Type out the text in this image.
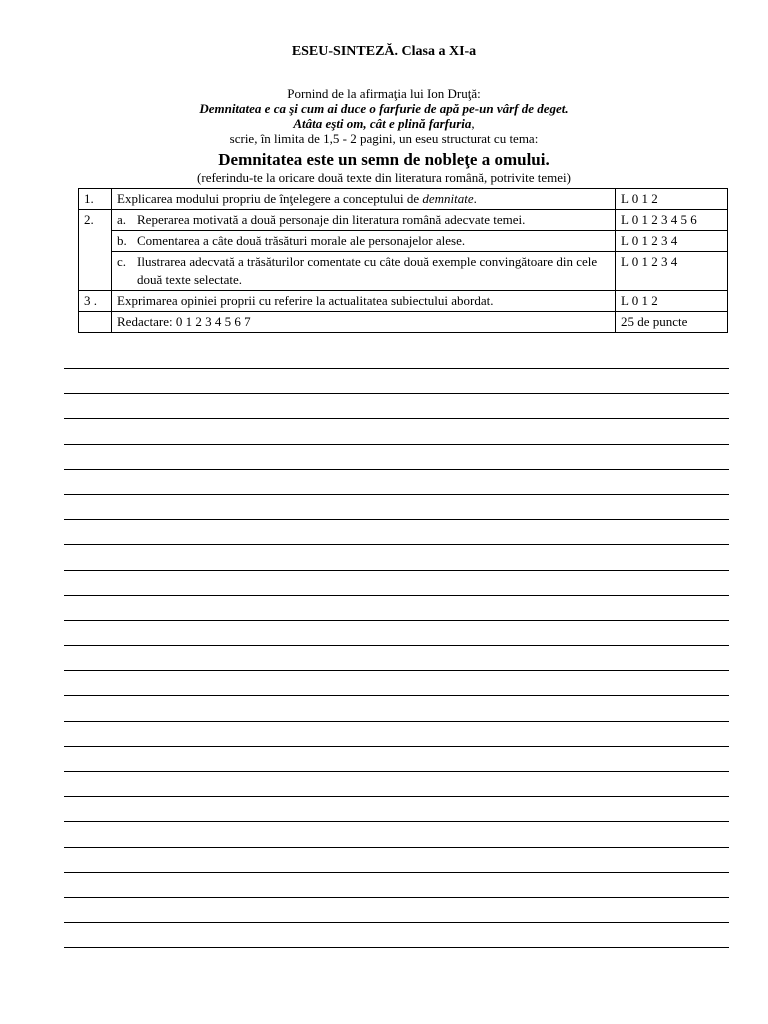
ESEU-SINTEZĂ. Clasa a XI-a
Pornind de la afirmaţia lui Ion Druţă:
Demnitatea e ca şi cum ai duce o farfurie de apă pe-un vârf de deget.
Atâta eşti om, cât e plină farfuria,
scrie, în limita de 1,5 - 2 pagini, un eseu structurat cu tema:
Demnitatea este un semn de nobleţe a omului.
(referindu-te la oricare două texte din literatura română, potrivite temei)
1.	Explicarea modului propriu de înţelegere a conceptului de demnitate.	L 0 1 2
2.	a. Reperarea motivată a două personaje din literatura română adecvate temei.	L 0 1 2 3 4 5 6

	b. Comentarea a câte două trăsături morale ale personajelor alese.	L 0 1 2 3 4

	c. Ilustrarea adecvată a trăsăturilor comentate cu câte două exemple convingătoare din cele două texte selectate.	L 0 1 2 3 4
3 .	Exprimarea opiniei proprii cu referire la actualitatea subiectului abordat.	L 0 1 2
	Redactare: 0 1 2 3 4 5 6 7	25 de puncte
